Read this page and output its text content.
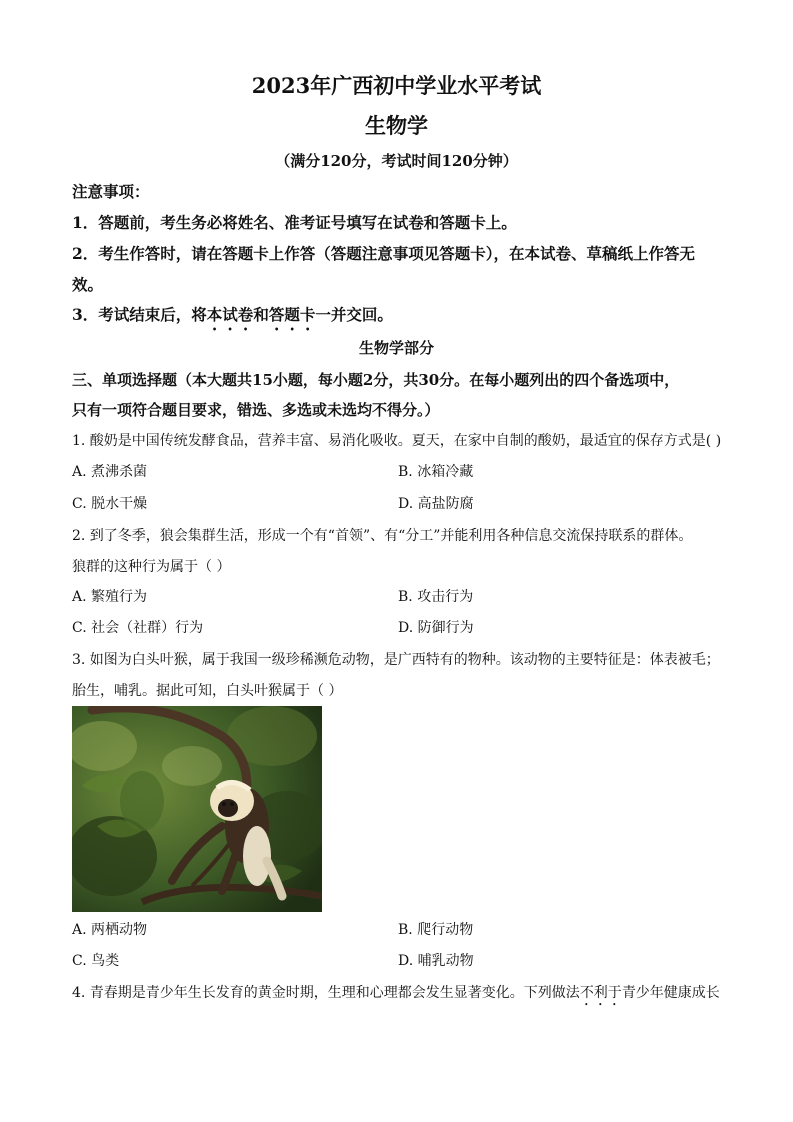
2023年广西初中学业水平考试
生物学
（满分120分，考试时间120分钟）
注意事项：
1．答题前，考生务必将姓名、准考证号填写在试卷和答题卡上。
2．考生作答时，请在答题卡上作答（答题注意事项见答题卡），在本试卷、草稿纸上作答无
效。
3．考试结束后，将本试卷和答题卡一并交回。
生物学部分
三、单项选择题（本大题共15小题，每小题2分，共30分。在每小题列出的四个备选项中，
只有一项符合题目要求，错选、多选或未选均不得分。）
1. 酸奶是中国传统发酵食品，营养丰富、易消化吸收。夏天，在家中自制的酸奶，最适宜的保存方式是( )
A. 煮沸杀菌	B. 冰箱冷藏
C. 脱水干燥	D. 高盐防腐
2. 到了冬季，狼会集群生活，形成一个有“首领”、有“分工”并能利用各种信息交流保持联系的群体。
狼群的这种行为属于（ ）
A. 繁殖行为	B. 攻击行为
C. 社会（社群）行为	D. 防御行为
3. 如图为白头叶猴，属于我国一级珍稀濒危动物，是广西特有的物种。该动物的主要特征是：体表被毛；
胎生，哺乳。据此可知，白头叶猴属于（ ）
A. 两栖动物	B. 爬行动物
C. 鸟类	D. 哺乳动物
4. 青春期是青少年生长发育的黄金时期，生理和心理都会发生显著变化。下列做法不利于青少年健康成长
